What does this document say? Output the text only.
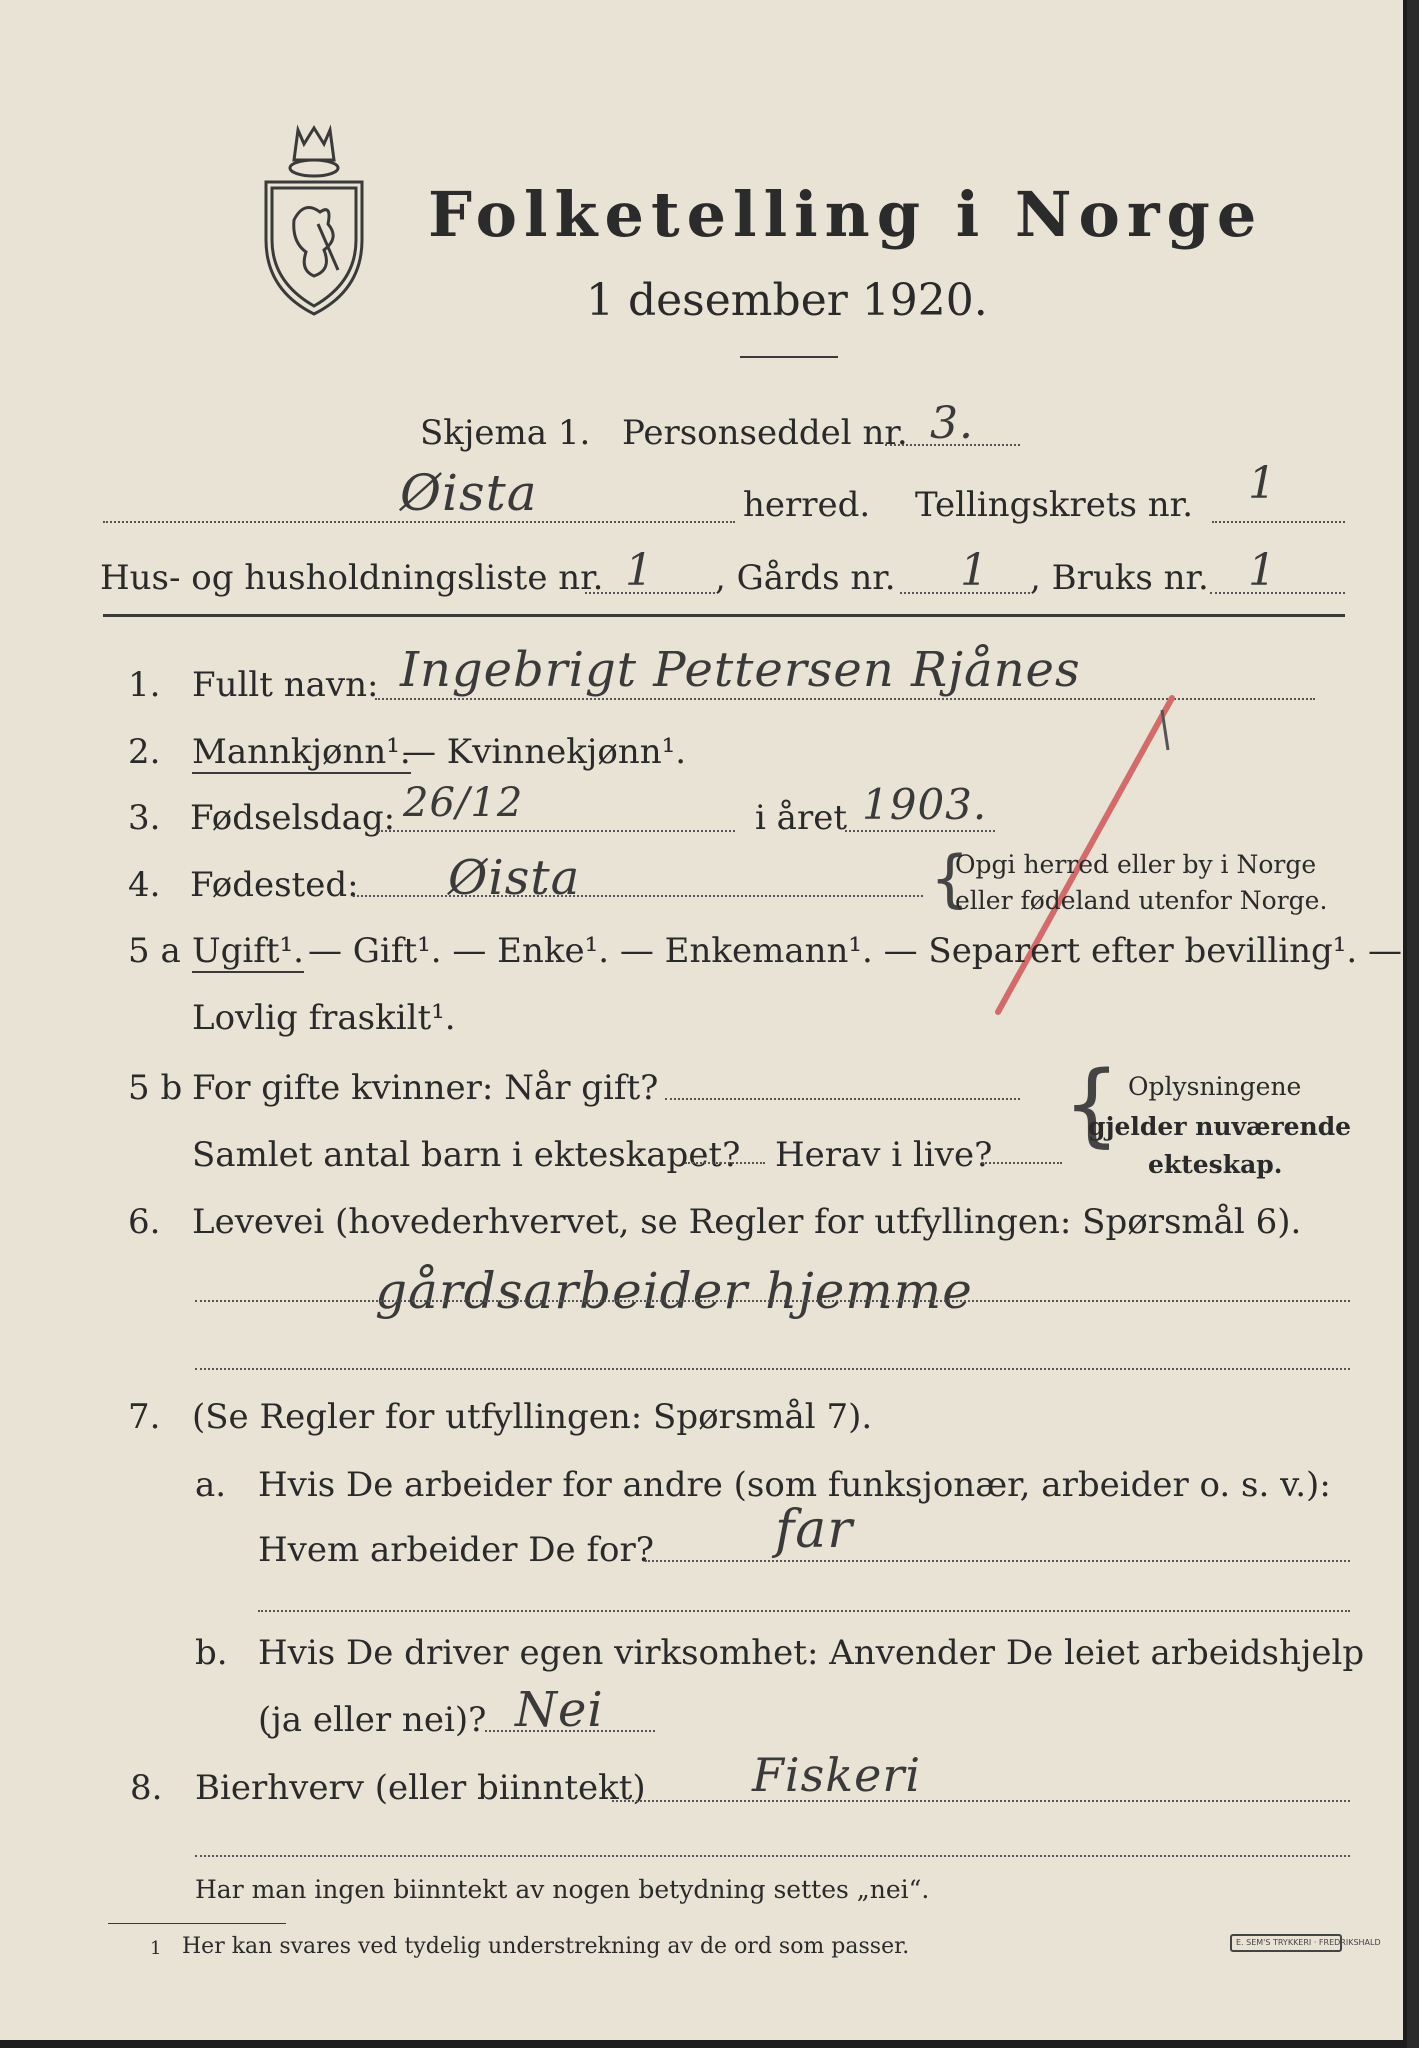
Folketelling i Norge
1 desember 1920.
Skjema 1. Personseddel nr. 3.
Øista	herred. Tellingskrets nr. 1
Hus- og husholdningsliste nr. 1 , Gårds nr. 1 , Bruks nr. 1
1. Fullt navn: Ingebrigt Pettersen Rjånes
2. Mannkjønn¹.
— Kvinnekjønn¹.
3. Fødselsdag: 26/12	i året 1903.
4. Fødested: Øista	{
Opgi herred eller by i Norge
eller fødeland utenfor Norge.
5 a Ugift¹. — Gift¹. — Enke¹. — Enkemann¹. — Separert efter bevilling¹. —
Lovlig fraskilt¹.
5 b For gifte kvinner: Når gift?
Samlet antal barn i ekteskapet? Herav i live? { Oplysningene
gjelder nuværende
ekteskap.
6. Levevei (hovederhvervet, se Regler for utfyllingen: Spørsmål 6).
gårdsarbeider hjemme
7. (Se Regler for utfyllingen: Spørsmål 7).
a. Hvis De arbeider for andre (som funksjonær, arbeider o. s. v.):
Hvem arbeider De for? far
b. Hvis De driver egen virksomhet: Anvender De leiet arbeidshjelp
(ja eller nei)? Nei
8. Bierhverv (eller biinntekt) Fiskeri
Har man ingen biinntekt av nogen betydning settes „nei“.
1 Her kan svares ved tydelig understrekning av de ord som passer.	E. SEM'S TRYKKERI · FREDRIKSHALD
